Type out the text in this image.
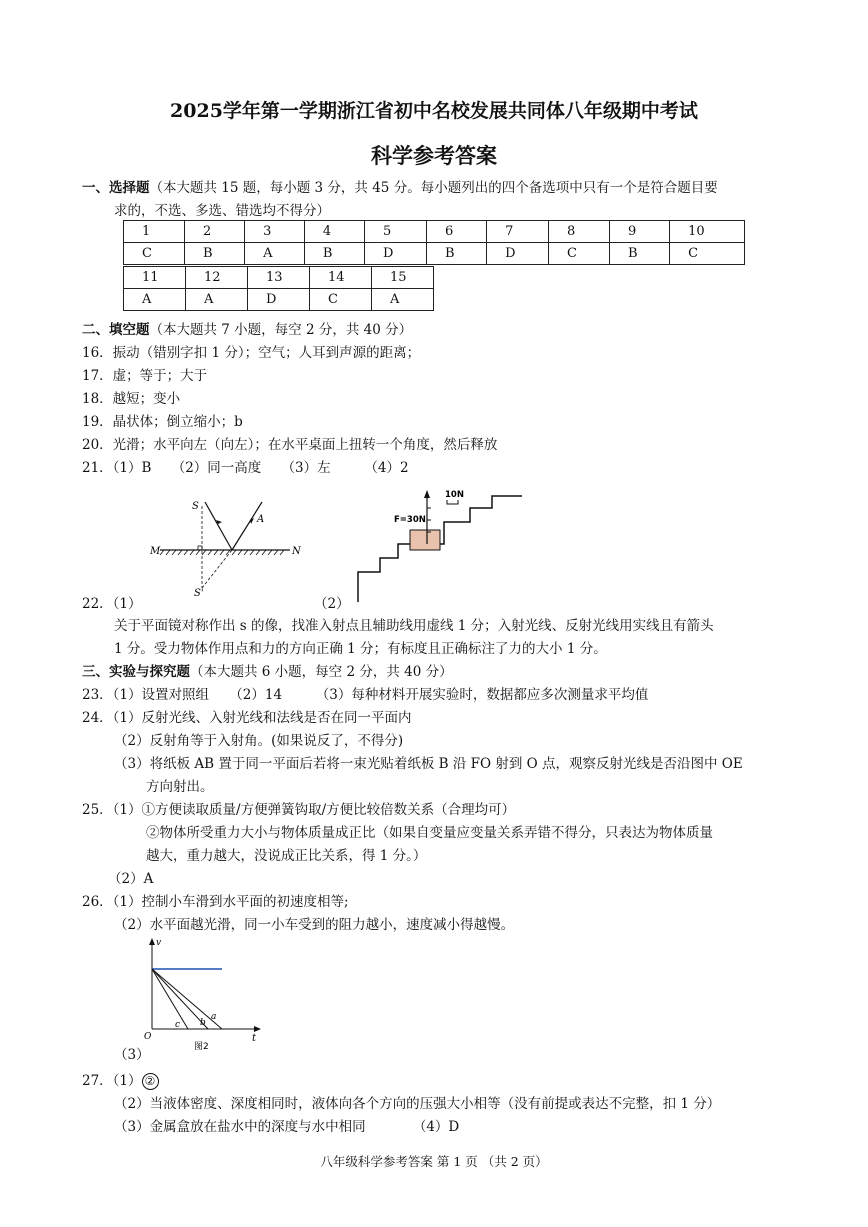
2025学年第一学期浙江省初中名校发展共同体八年级期中考试
科学参考答案
一、选择题（本大题共 15 题，每小题 3 分，共 45 分。每小题列出的四个备选项中只有一个是符合题目要
求的，不选、多选、错选均不得分）
1	2	3	4	5	6	7	8	9	10
C	B	A	B	D	B	D	C	B	C
11	12	13	14	15
A	A	D	C	A
二、填空题（本大题共 7 小题，每空 2 分，共 40 分）
16．振动（错别字扣 1 分）；空气；人耳到声源的距离；
17．虚；等于；大于
18．越短；变小
19．晶状体；倒立缩小；b
20．光滑；水平向左（向左）；在水平桌面上扭转一个角度，然后释放
21．（1）B　　（2）同一高度　　（3）左　　　（4）2
S
A
M	N
S'
10N
F=30N
22．（1）	（2）
关于平面镜对称作出 s 的像，找准入射点且辅助线用虚线 1 分；入射光线、反射光线用实线且有箭头
1 分。受力物体作用点和力的方向正确 1 分；有标度且正确标注了力的大小 1 分。
三、实验与探究题（本大题共 6 小题，每空 2 分，共 40 分）
23．（1）设置对照组　　（2）14　　　（3）每种材料开展实验时，数据都应多次测量求平均值
24．（1）反射光线、入射光线和法线是否在同一平面内
（2）反射角等于入射角。(如果说反了，不得分)
（3）将纸板 AB 置于同一平面后若将一束光贴着纸板 B 沿 FO 射到 O 点，观察反射光线是否沿图中 OE
方向射出。
25．（1）①方便读取质量/方便弹簧钩取/方便比较倍数关系（合理均可）
②物体所受重力大小与物体质量成正比（如果自变量应变量关系弄错不得分，只表达为物体质量
越大，重力越大，没说成正比关系，得 1 分。）
（2）A
26．（1）控制小车滑到水平面的初速度相等;
（2）水平面越光滑，同一小车受到的阻力越小，速度减小得越慢。
v
t
O
a
b
c
图2
（3）
27．（1） ②
（2）当液体密度、深度相同时，液体向各个方向的压强大小相等（没有前提或表达不完整，扣 1 分）
（3）金属盒放在盐水中的深度与水中相同　　　　（4）D
八年级科学参考答案 第 1 页 （共 2 页）
